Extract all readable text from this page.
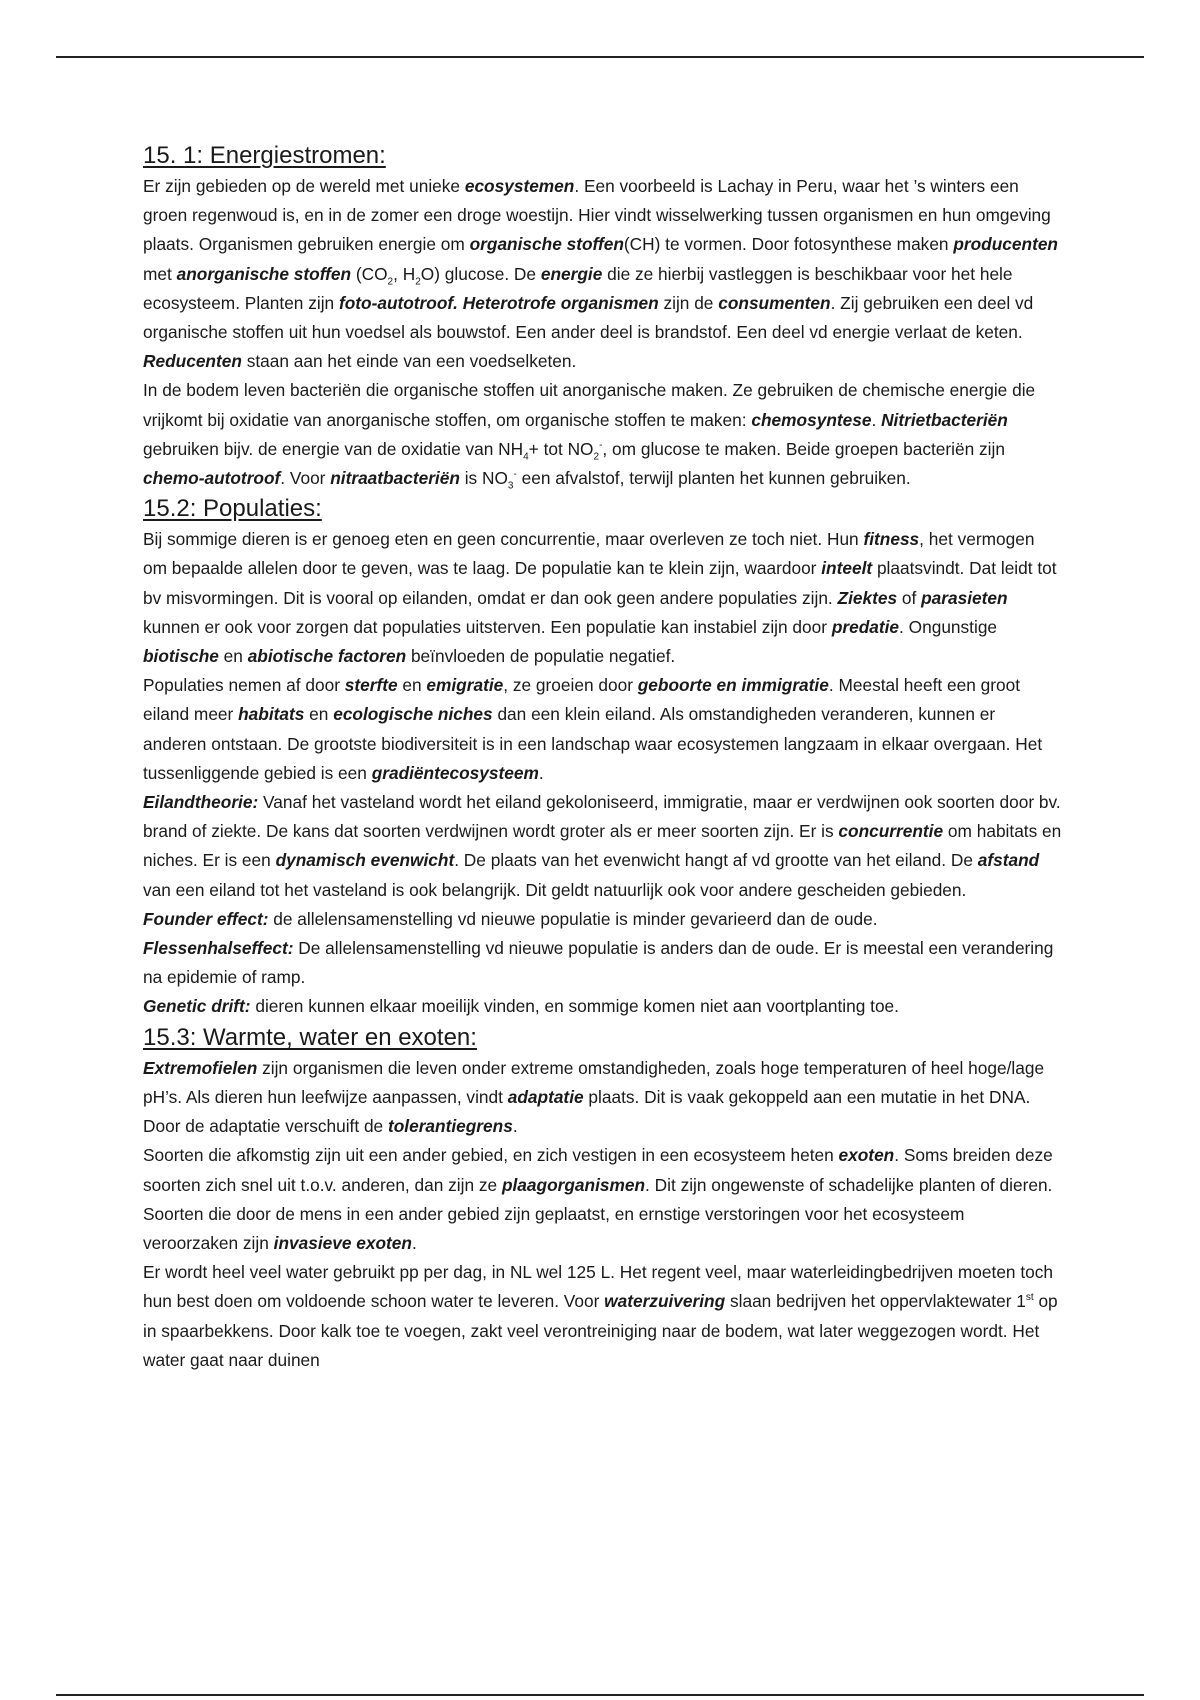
15. 1: Energiestromen:

Er zijn gebieden op de wereld met unieke ecosystemen. Een voorbeeld is Lachay in Peru, waar het ’s winters een groen regenwoud is, en in de zomer een droge woestijn. Hier vindt wisselwerking tussen organismen en hun omgeving plaats. Organismen gebruiken energie om organische stoffen(CH) te vormen. Door fotosynthese maken producenten met anorganische stoffen ($CO_2$, $H_2O$) glucose. De energie die ze hierbij vastleggen is beschikbaar voor het hele ecosysteem. Planten zijn foto-autotroof. Heterotrofe organismen zijn de consumenten. Zij gebruiken een deel vd organische stoffen uit hun voedsel als bouwstof. Een ander deel is brandstof. Een deel vd energie verlaat de keten. Reducenten staan aan het einde van een voedselketen.

In de bodem leven bacteriën die organische stoffen uit anorganische maken. Ze gebruiken de chemische energie die vrijkomt bij oxidatie van anorganische stoffen, om organische stoffen te maken: chemosyntese. Nitrietbacteriën gebruiken bijv. de energie van de oxidatie van $NH_4+$ tot $NO_2^-$, om glucose te maken. Beide groepen bacteriën zijn chemo-autotroof. Voor nitraatbacteriën is $NO_3^-$ een afvalstof, terwijl planten het kunnen gebruiken.

15.2: Populaties:

Bij sommige dieren is er genoeg eten en geen concurrentie, maar overleven ze toch niet. Hun fitness, het vermogen om bepaalde allelen door te geven, was te laag. De populatie kan te klein zijn, waardoor inteelt plaatsvindt. Dat leidt tot bv misvormingen. Dit is vooral op eilanden, omdat er dan ook geen andere populaties zijn. Ziektes of parasieten kunnen er ook voor zorgen dat populaties uitsterven. Een populatie kan instabiel zijn door predatie. Ongunstige biotische en abiotische factoren beïnvloeden de populatie negatief.

Populaties nemen af door sterfte en emigratie, ze groeien door geboorte en immigratie. Meestal heeft een groot eiland meer habitats en ecologische niches dan een klein eiland. Als omstandigheden veranderen, kunnen er anderen ontstaan. De grootste biodiversiteit is in een landschap waar ecosystemen langzaam in elkaar overgaan. Het tussenliggende gebied is een gradiëntecosysteem.

Eilandtheorie: Vanaf het vasteland wordt het eiland gekoloniseerd, immigratie, maar er verdwijnen ook soorten door bv. brand of ziekte. De kans dat soorten verdwijnen wordt groter als er meer soorten zijn. Er is concurrentie om habitats en niches. Er is een dynamisch evenwicht. De plaats van het evenwicht hangt af vd grootte van het eiland. De afstand van een eiland tot het vasteland is ook belangrijk. Dit geldt natuurlijk ook voor andere gescheiden gebieden.

Founder effect: de allelensamenstelling vd nieuwe populatie is minder gevarieerd dan de oude.

Flessenhalseffect: De allelensamenstelling vd nieuwe populatie is anders dan de oude. Er is meestal een verandering na epidemie of ramp.

Genetic drift: dieren kunnen elkaar moeilijk vinden, en sommige komen niet aan voortplanting toe.

15.3: Warmte, water en exoten:

Extremofielen zijn organismen die leven onder extreme omstandigheden, zoals hoge temperaturen of heel hoge/lage pH’s. Als dieren hun leefwijze aanpassen, vindt adaptatie plaats. Dit is vaak gekoppeld aan een mutatie in het DNA. Door de adaptatie verschuift de tolerantiegrens.

Soorten die afkomstig zijn uit een ander gebied, en zich vestigen in een ecosysteem heten exoten. Soms breiden deze soorten zich snel uit t.o.v. anderen, dan zijn ze plaagorganismen. Dit zijn ongewenste of schadelijke planten of dieren. Soorten die door de mens in een ander gebied zijn geplaatst, en ernstige verstoringen voor het ecosysteem veroorzaken zijn invasieve exoten.

Er wordt heel veel water gebruikt pp per dag, in NL wel 125 L. Het regent veel, maar waterleidingbedrijven moeten toch hun best doen om voldoende schoon water te leveren. Voor waterzuivering slaan bedrijven het oppervlaktewater 1st op in spaarbekkens. Door kalk toe te voegen, zakt veel verontreiniging naar de bodem, wat later weggezogen wordt. Het water gaat naar duinen
